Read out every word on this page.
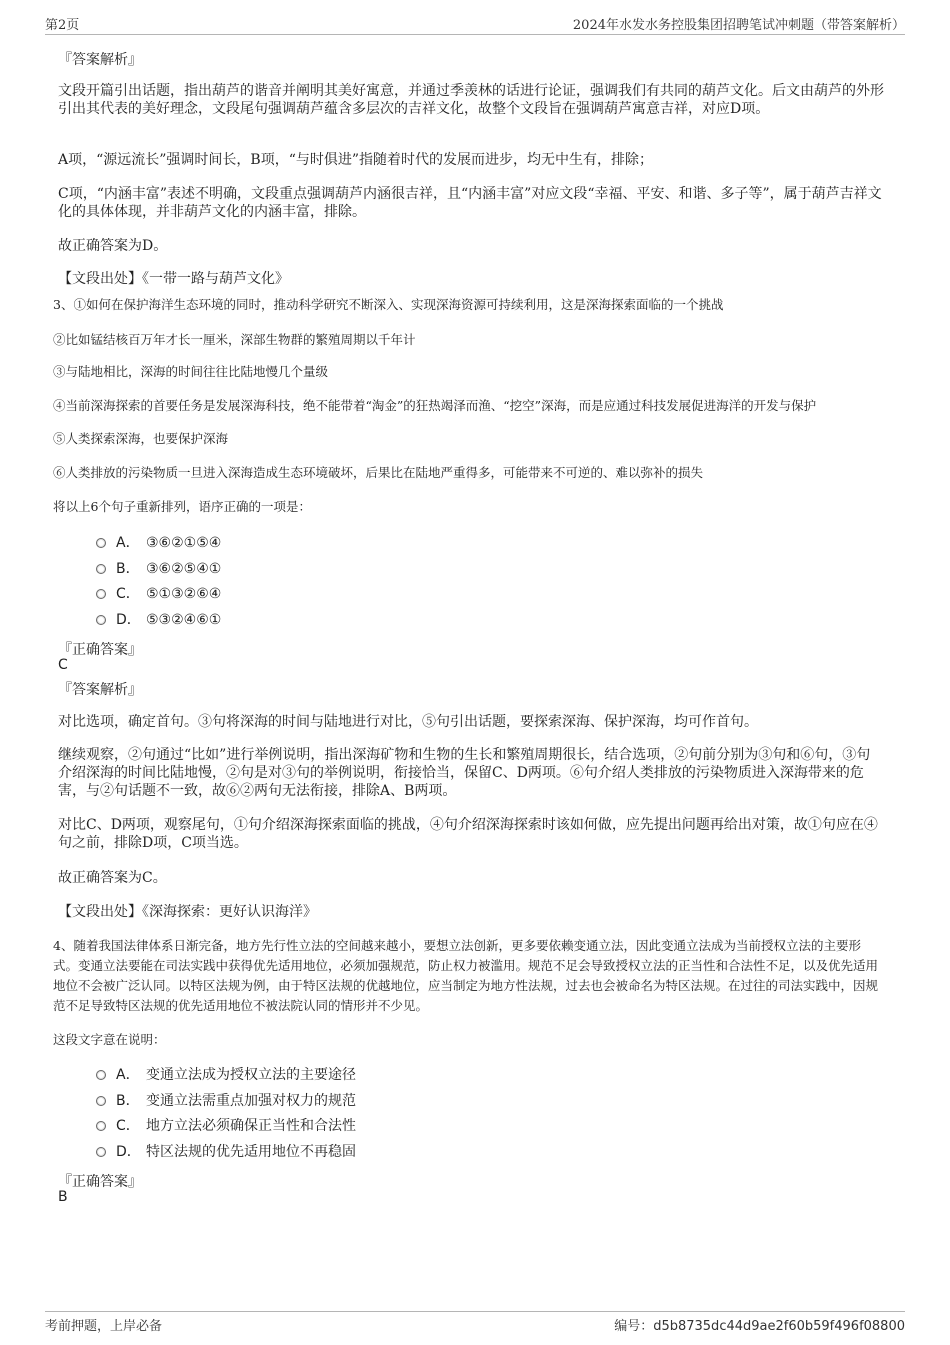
第2页	2024年水发水务控股集团招聘笔试冲刺题（带答案解析）
『答案解析』
文段开篇引出话题，指出葫芦的谐音并阐明其美好寓意，并通过季羡林的话进行论证，强调我们有共同的葫芦文化。后文由葫芦的外形引出其代表的美好理念，文段尾句强调葫芦蕴含多层次的吉祥文化，故整个文段旨在强调葫芦寓意吉祥，对应D项。
A项，“源远流长”强调时间长，B项，“与时俱进”指随着时代的发展而进步，均无中生有，排除；
C项，“内涵丰富”表述不明确，文段重点强调葫芦内涵很吉祥，且“内涵丰富”对应文段“幸福、平安、和谐、多子等”，属于葫芦吉祥文化的具体体现，并非葫芦文化的内涵丰富，排除。
故正确答案为D。
【文段出处】《一带一路与葫芦文化》
3、①如何在保护海洋生态环境的同时，推动科学研究不断深入、实现深海资源可持续利用，这是深海探索面临的一个挑战
②比如锰结核百万年才长一厘米，深部生物群的繁殖周期以千年计
③与陆地相比，深海的时间往往比陆地慢几个量级
④当前深海探索的首要任务是发展深海科技，绝不能带着“淘金”的狂热竭泽而渔、“挖空”深海，而是应通过科技发展促进海洋的开发与保护
⑤人类探索深海，也要保护深海
⑥人类排放的污染物质一旦进入深海造成生态环境破坏，后果比在陆地严重得多，可能带来不可逆的、难以弥补的损失
将以上6个句子重新排列，语序正确的一项是：
A． ③⑥②①⑤④
B． ③⑥②⑤④①
C． ⑤①③②⑥④
D． ⑤③②④⑥①
『正确答案』
C
『答案解析』
对比选项，确定首句。③句将深海的时间与陆地进行对比，⑤句引出话题，要探索深海、保护深海，均可作首句。
继续观察，②句通过“比如”进行举例说明，指出深海矿物和生物的生长和繁殖周期很长，结合选项，②句前分别为③句和⑥句，③句介绍深海的时间比陆地慢，②句是对③句的举例说明，衔接恰当，保留C、D两项。⑥句介绍人类排放的污染物质进入深海带来的危害，与②句话题不一致，故⑥②两句无法衔接，排除A、B两项。
对比C、D两项，观察尾句，①句介绍深海探索面临的挑战，④句介绍深海探索时该如何做，应先提出问题再给出对策，故①句应在④句之前，排除D项，C项当选。
故正确答案为C。
【文段出处】《深海探索：更好认识海洋》
4、随着我国法律体系日渐完备，地方先行性立法的空间越来越小，要想立法创新，更多要依赖变通立法，因此变通立法成为当前授权立法的主要形式。变通立法要能在司法实践中获得优先适用地位，必须加强规范，防止权力被滥用。规范不足会导致授权立法的正当性和合法性不足，以及优先适用地位不会被广泛认同。以特区法规为例，由于特区法规的优越地位，应当制定为地方性法规，过去也会被命名为特区法规。在过往的司法实践中，因规范不足导致特区法规的优先适用地位不被法院认同的情形并不少见。
这段文字意在说明：
A． 变通立法成为授权立法的主要途径
B． 变通立法需重点加强对权力的规范
C． 地方立法必须确保正当性和合法性
D． 特区法规的优先适用地位不再稳固
『正确答案』
B
考前押题，上岸必备	编号：d5b8735dc44d9ae2f60b59f496f08800
